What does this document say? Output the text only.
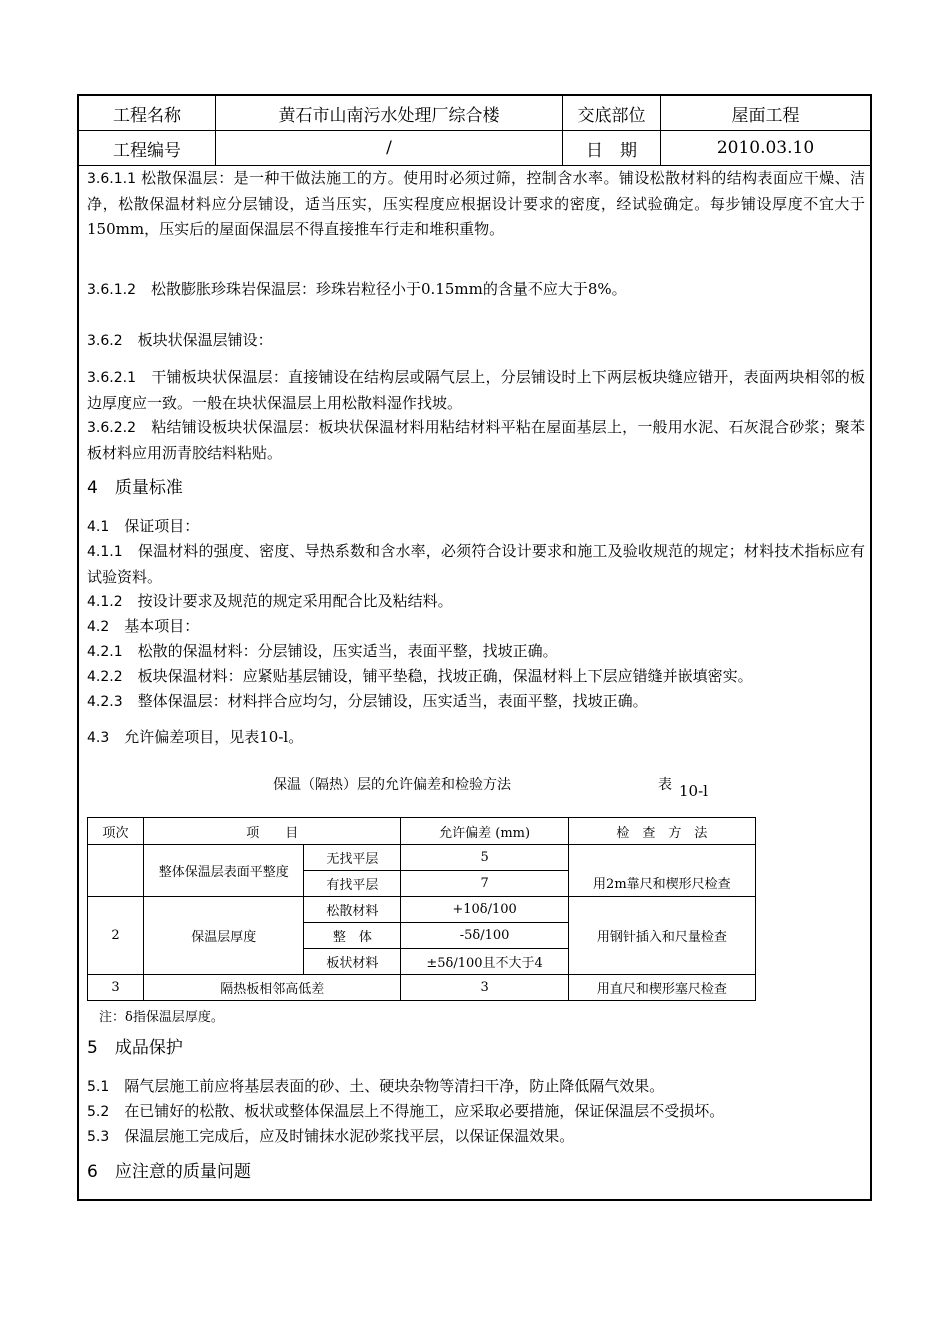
工程名称	黄石市山南污水处理厂综合楼	交底部位	屋面工程
工程编号	/	日　期	2010.03.10
3.6.1.1 松散保温层：是一种干做法施工的方。使用时必须过筛，控制含水率。铺设松散材料的结构表面应干燥、洁净，松散保温材料应分层铺设，适当压实，压实程度应根据设计要求的密度，经试验确定。每步铺设厚度不宜大于150mm，压实后的屋面保温层不得直接推车行走和堆积重物。
3.6.1.2　松散膨胀珍珠岩保温层：珍珠岩粒径小于0.15mm的含量不应大于8%。
3.6.2　板块状保温层铺设：
3.6.2.1　干铺板块状保温层：直接铺设在结构层或隔气层上，分层铺设时上下两层板块缝应错开，表面两块相邻的板边厚度应一致。一般在块状保温层上用松散料湿作找坡。
3.6.2.2　粘结铺设板块状保温层：板块状保温材料用粘结材料平粘在屋面基层上，一般用水泥、石灰混合砂浆；聚苯板材料应用沥青胶结料粘贴。
4　质量标准
4.1　保证项目：
4.1.1　保温材料的强度、密度、导热系数和含水率，必须符合设计要求和施工及验收规范的规定；材料技术指标应有试验资料。
4.1.2　按设计要求及规范的规定采用配合比及粘结料。
4.2　基本项目：
4.2.1　松散的保温材料：分层铺设，压实适当，表面平整，找坡正确。
4.2.2　板块保温材料：应紧贴基层铺设，铺平垫稳，找坡正确，保温材料上下层应错缝并嵌填密实。
4.2.3　整体保温层：材料拌合应均匀，分层铺设，压实适当，表面平整，找坡正确。
4.3　允许偏差项目，见表10-l。
保温（隔热）层的允许偏差和检验方法	表 10-l
项次	项　　目		允许偏差 (mm)	检　查　方　法
	整体保温层表面平整度	无找平层	5	用2m靠尺和楔形尺检查
		有找平层	7	
2	保温层厚度	松散材料	+10δ/100	用钢针插入和尺量检查
		整　体	-5δ/100	
		板状材料	±5δ/100且不大于4	
3	隔热板相邻高低差		3	用直尺和楔形塞尺检查
注：δ指保温层厚度。
5　成品保护
5.1　隔气层施工前应将基层表面的砂、土、硬块杂物等清扫干净，防止降低隔气效果。
5.2　在已铺好的松散、板状或整体保温层上不得施工，应采取必要措施，保证保温层不受损坏。
5.3　保温层施工完成后，应及时铺抹水泥砂浆找平层，以保证保温效果。
6　应注意的质量问题
